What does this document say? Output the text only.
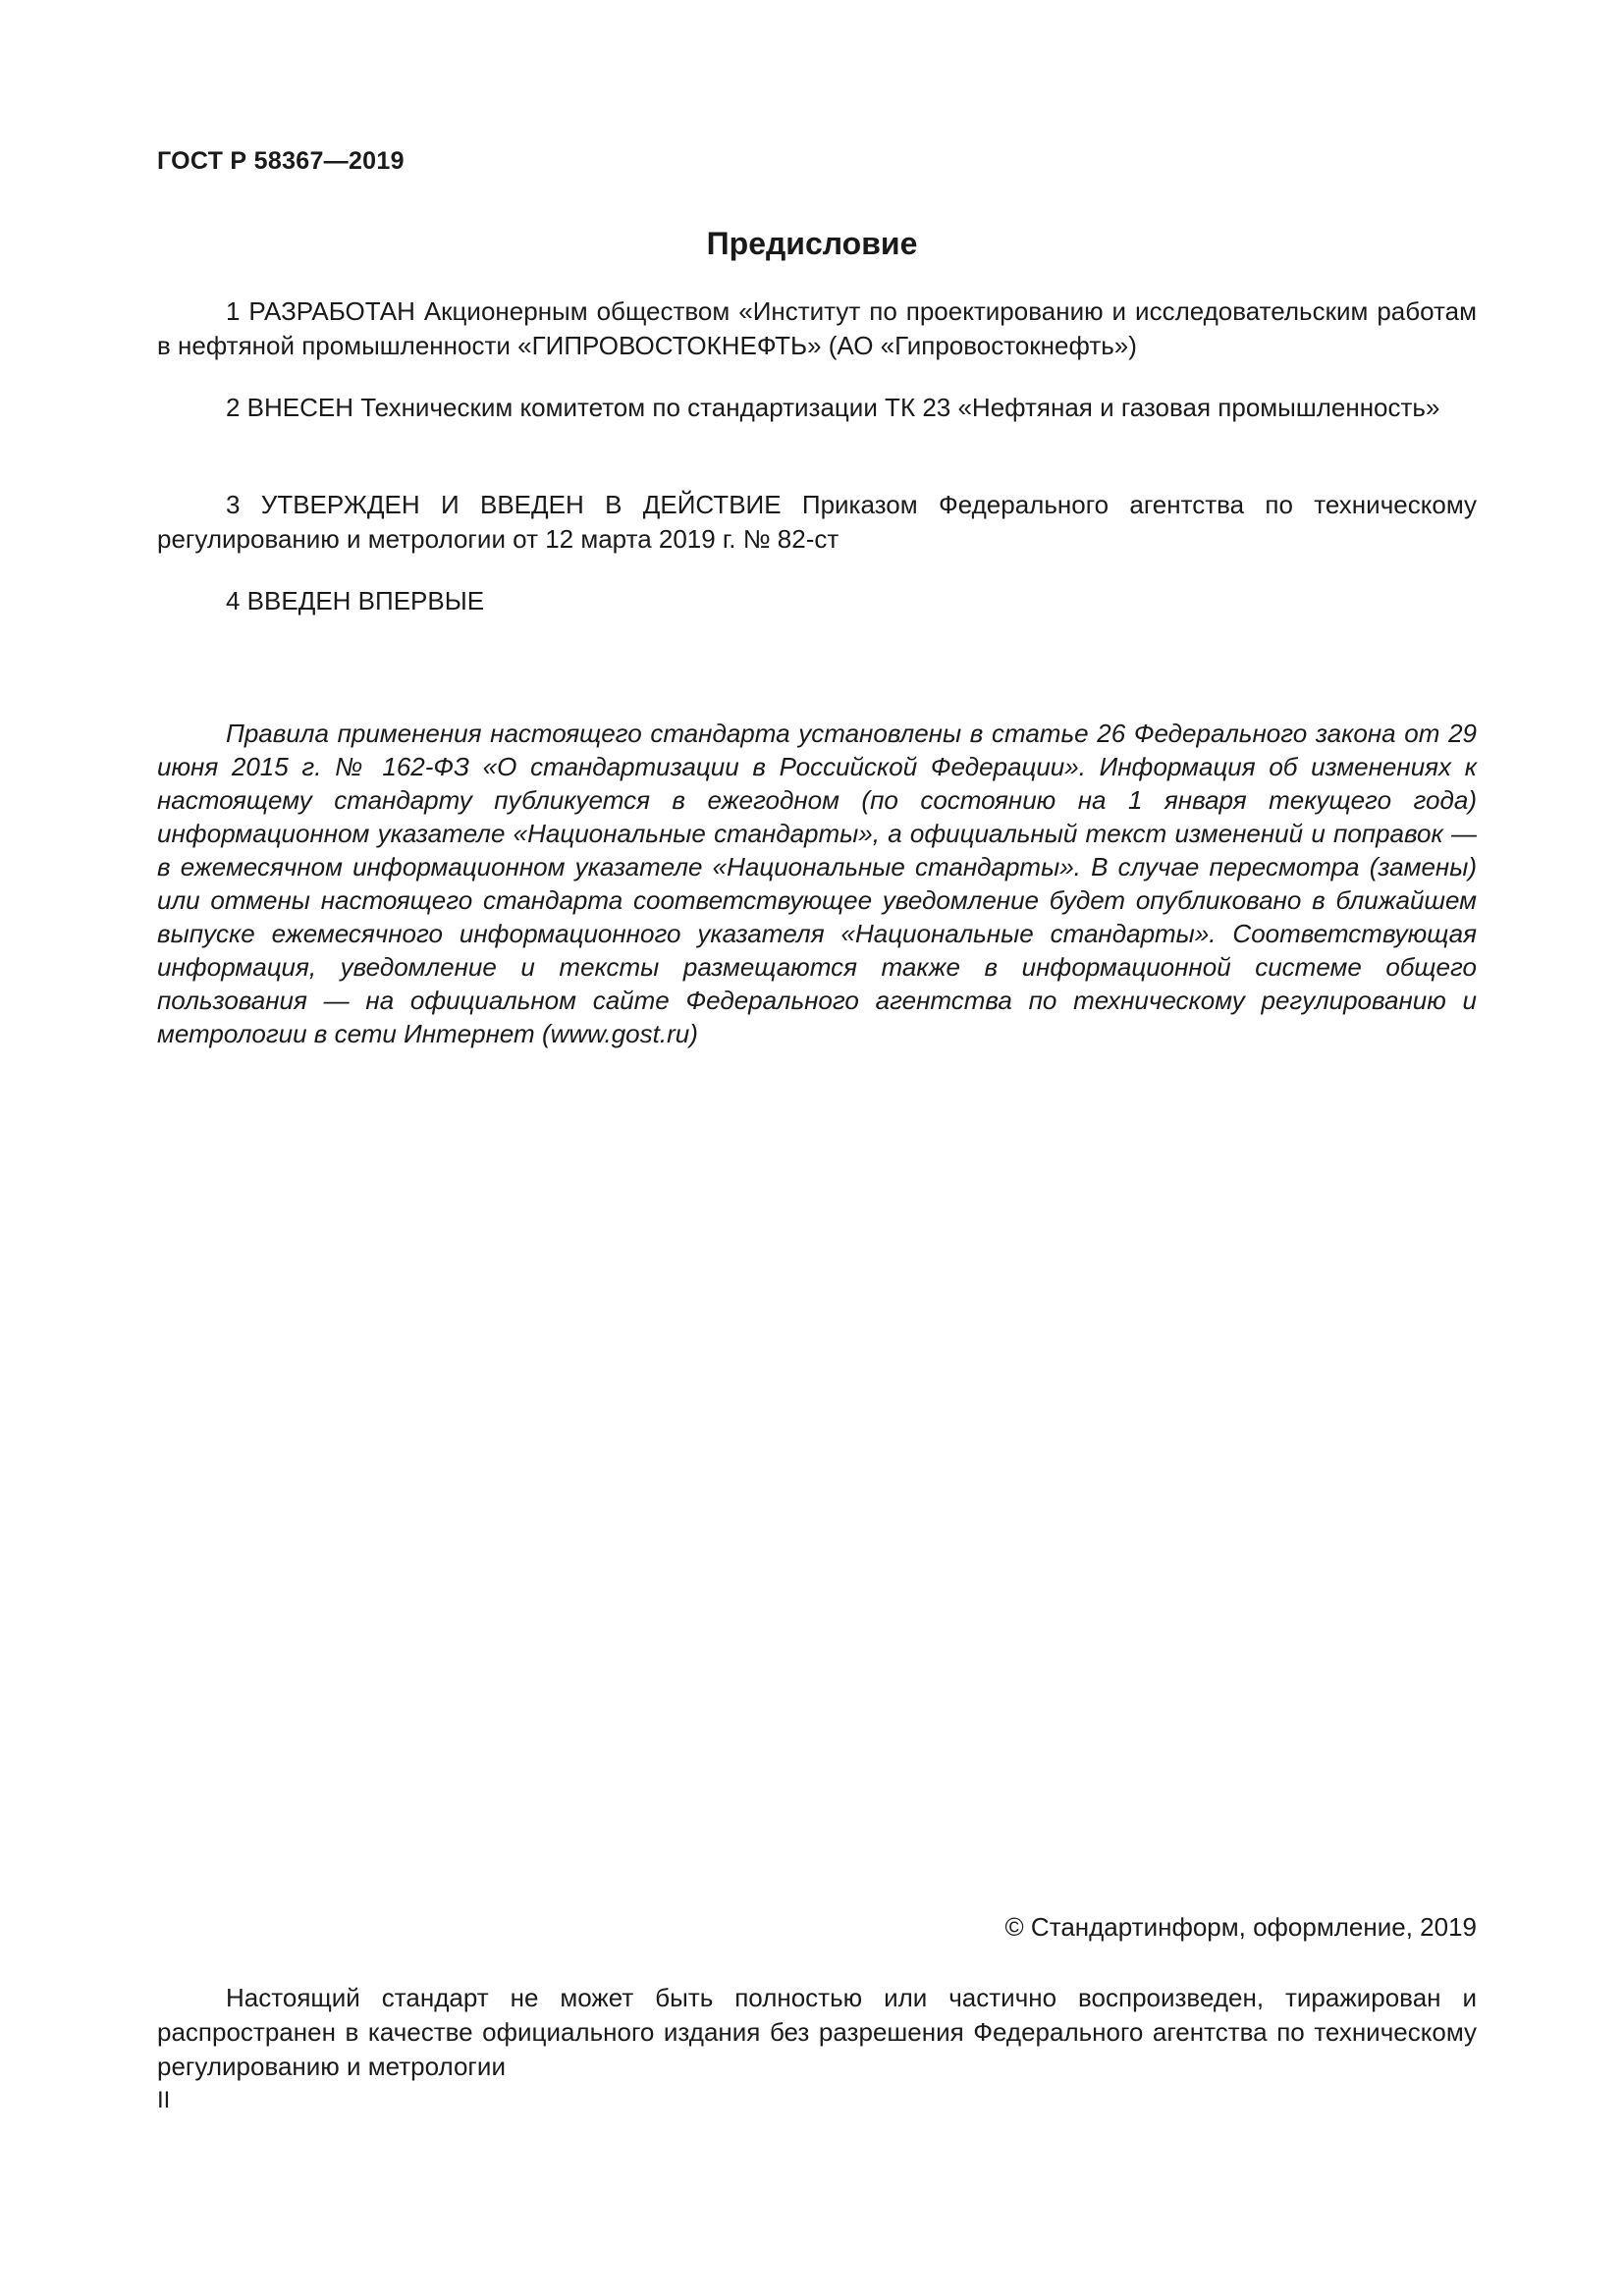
ГОСТ Р 58367—2019
Предисловие

1 РАЗРАБОТАН Акционерным обществом «Институт по проектированию и исследовательским работам в нефтяной промышленности «ГИПРОВОСТОКНЕФТЬ» (АО «Гипровостокнефть»)

2 ВНЕСЕН Техническим комитетом по стандартизации ТК 23 «Нефтяная и газовая промышленность»

3 УТВЕРЖДЕН И ВВЕДЕН В ДЕЙСТВИЕ Приказом Федерального агентства по техническому регулированию и метрологии от 12 марта 2019 г. № 82-ст

4 ВВЕДЕН ВПЕРВЫЕ

Правила применения настоящего стандарта установлены в статье 26 Федерального закона от 29 июня 2015 г. № 162-ФЗ «О стандартизации в Российской Федерации». Информация об изменениях к настоящему стандарту публикуется в ежегодном (по состоянию на 1 января текущего года) информационном указателе «Национальные стандарты», а официальный текст изменений и поправок — в ежемесячном информационном указателе «Национальные стандарты». В случае пересмотра (замены) или отмены настоящего стандарта соответствующее уведомление будет опубликовано в ближайшем выпуске ежемесячного информационного указателя «Национальные стандарты». Соответствующая информация, уведомление и тексты размещаются также в информационной системе общего пользования — на официальном сайте Федерального агентства по техническому регулированию и метрологии в сети Интернет (www.gost.ru)

© Стандартинформ, оформление, 2019

Настоящий стандарт не может быть полностью или частично воспроизведен, тиражирован и распространен в качестве официального издания без разрешения Федерального агентства по техническому регулированию и метрологии

II
